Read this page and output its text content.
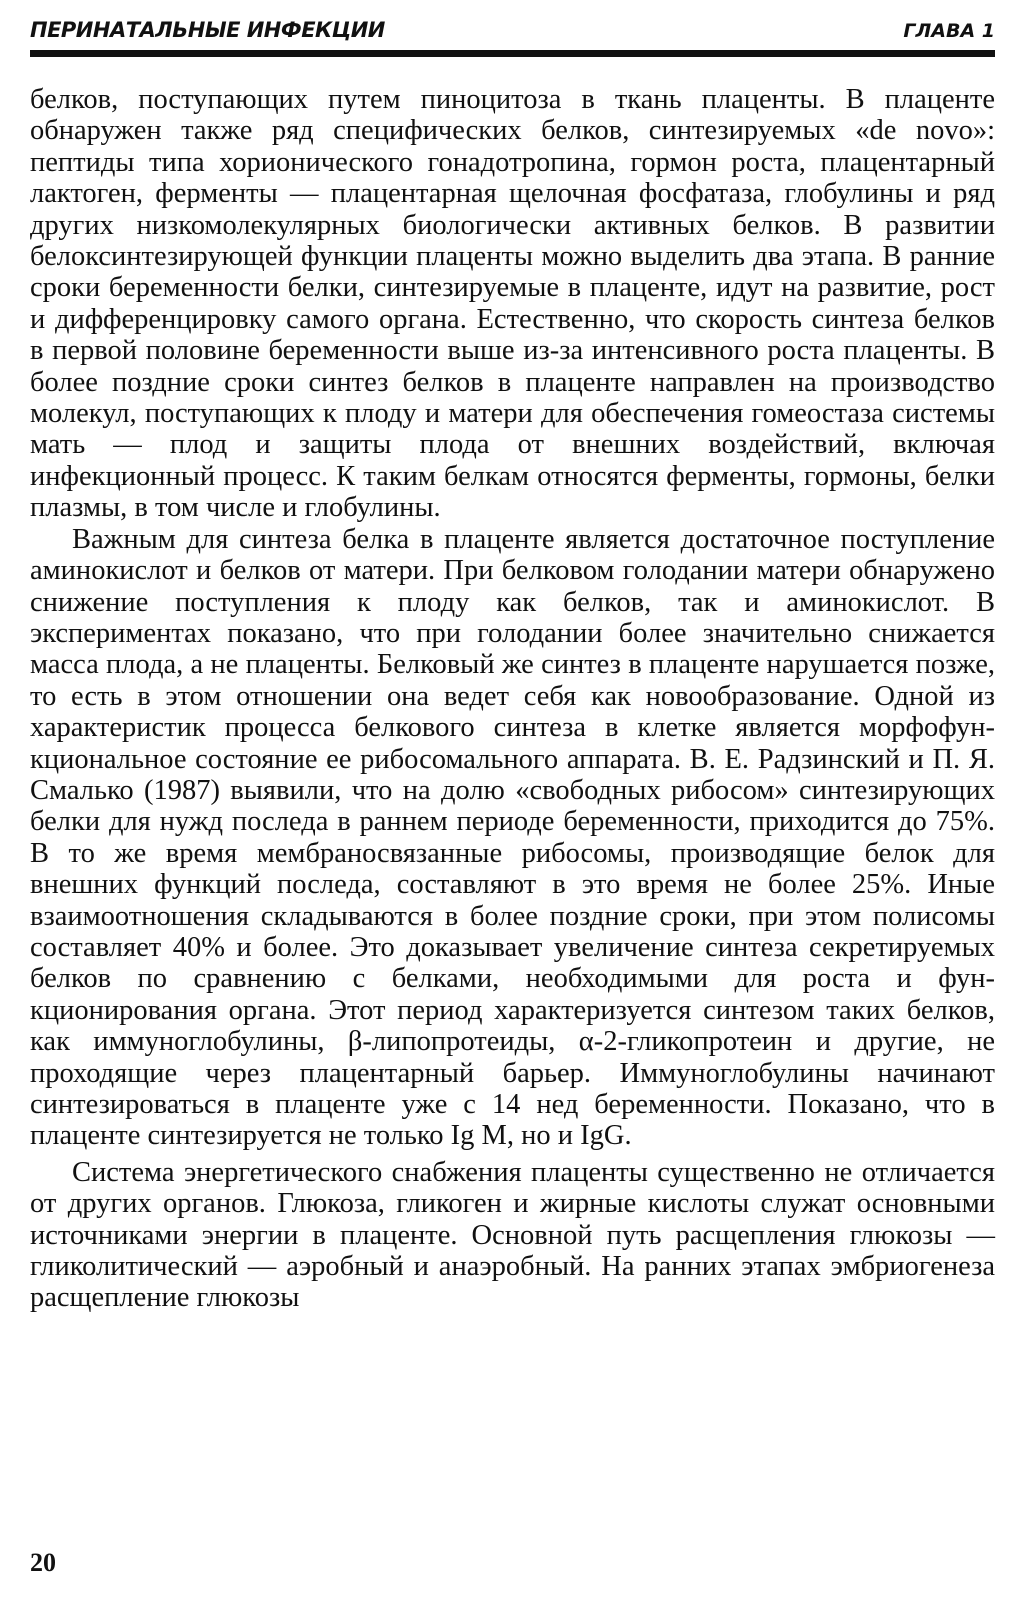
ПЕРИНАТАЛЬНЫЕ ИНФЕКЦИИ	ГЛАВА 1

белков, поступающих путем пиноцитоза в ткань плаценты. В плаценте обнаружен также ряд специфических белков, синтезируемых «de novo»: пептиды типа хорионического гонадотропина, гормон роста, плацентарный лактоген, ферменты — плацентарная щелочная фосфатаза, глобулины и ряд других низкомолекулярных биологически активных белков. В развитии белоксинтезирующей функции плаценты можно выделить два этапа. В ранние сроки беременности белки, синтезируемые в плаценте, идут на развитие, рост и дифференцировку самого органа. Естественно, что скорость синтеза белков в первой половине беременности выше из-за интенсивного роста плаценты. В более поздние сроки синтез белков в плаценте направлен на производство молекул, поступающих к плоду и матери для обеспечения гомеостаза системы мать — плод и защиты плода от внешних воздействий, включая инфекционный процесс. К таким белкам относятся ферменты, гормоны, белки плазмы, в том числе и глобулины.

Важным для синтеза белка в плаценте является достаточное поступление аминокислот и белков от матери. При белковом голодании матери обнаружено снижение поступления к плоду как белков, так и аминокислот. В экспериментах показано, что при голодании более значительно снижается масса плода, а не плаценты. Белковый же синтез в плаценте нарушается позже, то есть в этом отношении она ведет себя как новообразование. Одной из характеристик процесса белкового синтеза в клетке является морфофункциональное состояние ее рибосомального аппарата. В. Е. Радзинский и П. Я. Смалько (1987) выявили, что на долю «свободных рибосом» синтезирующих белки для нужд последа в раннем периоде беременности, приходится до 75%. В то же время мембраносвязанные рибосомы, производящие белок для внешних функций последа, составляют в это время не более 25%. Иные взаимоотношения складываются в более поздние сроки, при этом полисомы составляет 40% и более. Это доказывает увеличение синтеза секретируемых белков по сравнению с белками, необходимыми для роста и функционирования органа. Этот период характеризуется синтезом таких белков, как иммуноглобулины, β-липопротеиды, α-2-гликопротеин и другие, не проходящие через плацентарный барьер. Иммуноглобулины начинают синтезироваться в плаценте уже с 14 нед беременности. Показано, что в плаценте синтезируется не только Ig M, но и IgG.

Система энергетического снабжения плаценты существенно не отличается от других органов. Глюкоза, гликоген и жирные кислоты служат основными источниками энергии в плаценте. Основной путь расщепления глюкозы — гликолитический — аэробный и анаэробный. На ранних этапах эмбриогенеза расщепление глюкозы

20
